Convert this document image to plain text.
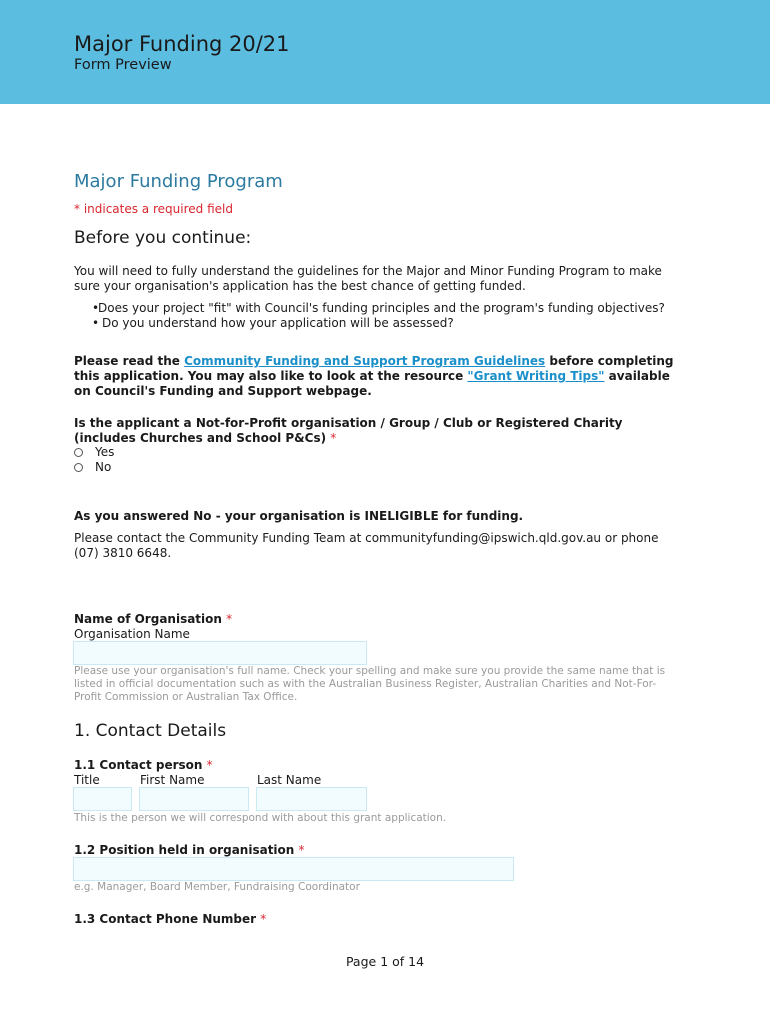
Major Funding 20/21
Form Preview
Major Funding Program
* indicates a required field
Before you continue:
You will need to fully understand the guidelines for the Major and Minor Funding Program to make sure your organisation's application has the best chance of getting funded.
•
Does your project "fit" with Council's funding principles and the program's funding objectives?
• Do you understand how your application will be assessed?
Please read the Community Funding and Support Program Guidelines before completing this application. You may also like to look at the resource "Grant Writing Tips" available on Council's Funding and Support webpage.
Is the applicant a Not-for-Profit organisation / Group / Club or Registered Charity (includes Churches and School P&Cs) *
Yes
No
As you answered No - your organisation is INELIGIBLE for funding.
Please contact the Community Funding Team at communityfunding@ipswich.qld.gov.au or phone (07) 3810 6648.
Name of Organisation *
Organisation Name
Please use your organisation's full name. Check your spelling and make sure you provide the same name that is listed in official documentation such as with the Australian Business Register, Australian Charities and Not-For-Profit Commission or Australian Tax Office.
1. Contact Details
1.1 Contact person *
Title	First Name	Last Name
This is the person we will correspond with about this grant application.
1.2 Position held in organisation *
e.g. Manager, Board Member, Fundraising Coordinator
1.3 Contact Phone Number *
Page 1 of 14
